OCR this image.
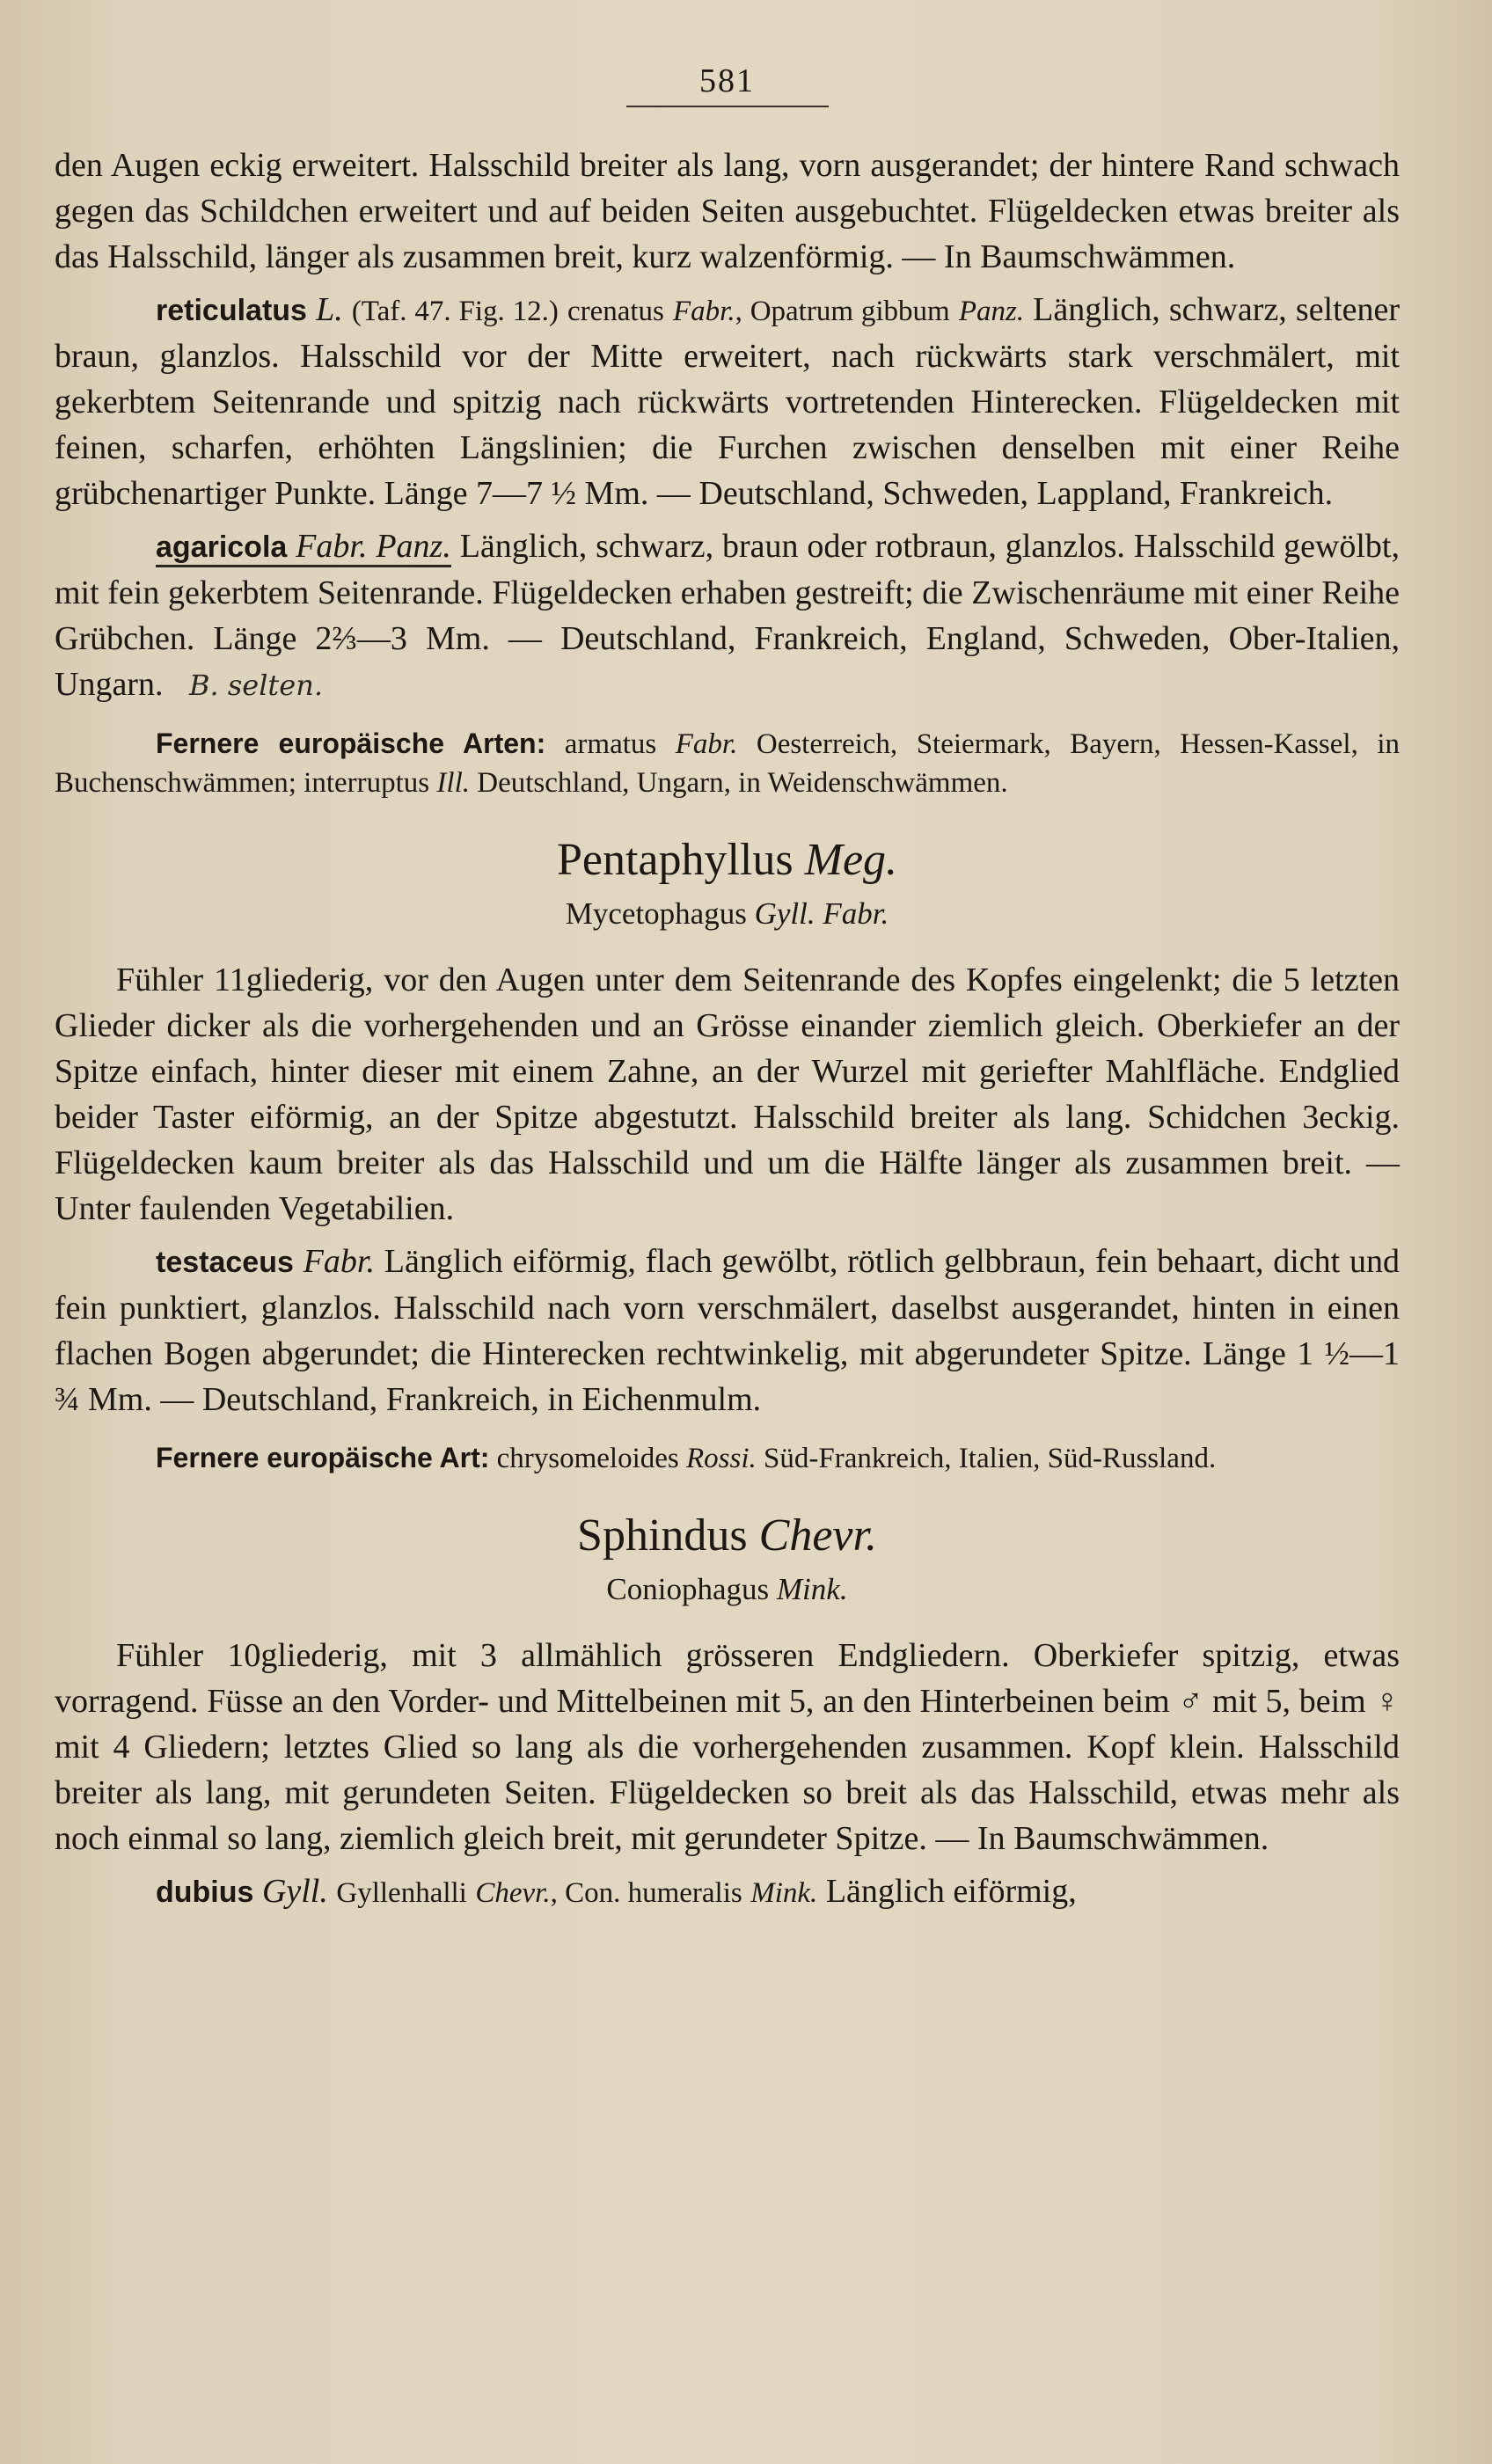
581

den Augen eckig erweitert. Halsschild breiter als lang, vorn ausgerandet; der hintere Rand schwach gegen das Schildchen erweitert und auf beiden Seiten ausgebuchtet. Flügeldecken etwas breiter als das Halsschild, länger als zusammen breit, kurz walzenförmig. — In Baumschwämmen.

reticulatus L. (Taf. 47. Fig. 12.) crenatus Fabr., Opatrum gibbum Panz. Länglich, schwarz, seltener braun, glanzlos. Halsschild vor der Mitte erweitert, nach rückwärts stark verschmälert, mit gekerbtem Seitenrande und spitzig nach rückwärts vortretenden Hinterecken. Flügeldecken mit feinen, scharfen, erhöhten Längslinien; die Furchen zwischen denselben mit einer Reihe grübchenartiger Punkte. Länge 7—7 ½ Mm. — Deutschland, Schweden, Lappland, Frankreich.

agaricola Fabr. Panz. Länglich, schwarz, braun oder rotbraun, glanzlos. Halsschild gewölbt, mit fein gekerbtem Seitenrande. Flügeldecken erhaben gestreift; die Zwischenräume mit einer Reihe Grübchen. Länge 2⅔—3 Mm. — Deutschland, Frankreich, England, Schweden, Ober-Italien, Ungarn. B. selten.

Fernere europäische Arten: armatus Fabr. Oesterreich, Steiermark, Bayern, Hessen-Kassel, in Buchenschwämmen; interruptus Ill. Deutschland, Ungarn, in Weidenschwämmen.

Pentaphyllus Meg.
Mycetophagus Gyll. Fabr.

Fühler 11gliederig, vor den Augen unter dem Seitenrande des Kopfes eingelenkt; die 5 letzten Glieder dicker als die vorhergehenden und an Grösse einander ziemlich gleich. Oberkiefer an der Spitze einfach, hinter dieser mit einem Zahne, an der Wurzel mit geriefter Mahlfläche. Endglied beider Taster eiförmig, an der Spitze abgestutzt. Halsschild breiter als lang. Schidchen 3eckig. Flügeldecken kaum breiter als das Halsschild und um die Hälfte länger als zusammen breit. — Unter faulenden Vegetabilien.

testaceus Fabr. Länglich eiförmig, flach gewölbt, rötlich gelbbraun, fein behaart, dicht und fein punktiert, glanzlos. Halsschild nach vorn verschmälert, daselbst ausgerandet, hinten in einen flachen Bogen abgerundet; die Hinterecken rechtwinkelig, mit abgerundeter Spitze. Länge 1 ½—1 ¾ Mm. — Deutschland, Frankreich, in Eichenmulm.

Fernere europäische Art: chrysomeloides Rossi. Süd-Frankreich, Italien, Süd-Russland.

Sphindus Chevr.
Coniophagus Mink.

Fühler 10gliederig, mit 3 allmählich grösseren Endgliedern. Oberkiefer spitzig, etwas vorragend. Füsse an den Vorder- und Mittelbeinen mit 5, an den Hinterbeinen beim ♂ mit 5, beim ♀ mit 4 Gliedern; letztes Glied so lang als die vorhergehenden zusammen. Kopf klein. Halsschild breiter als lang, mit gerundeten Seiten. Flügeldecken so breit als das Halsschild, etwas mehr als noch einmal so lang, ziemlich gleich breit, mit gerundeter Spitze. — In Baumschwämmen.

dubius Gyll. Gyllenhalli Chevr., Con. humeralis Mink. Länglich eiförmig,
